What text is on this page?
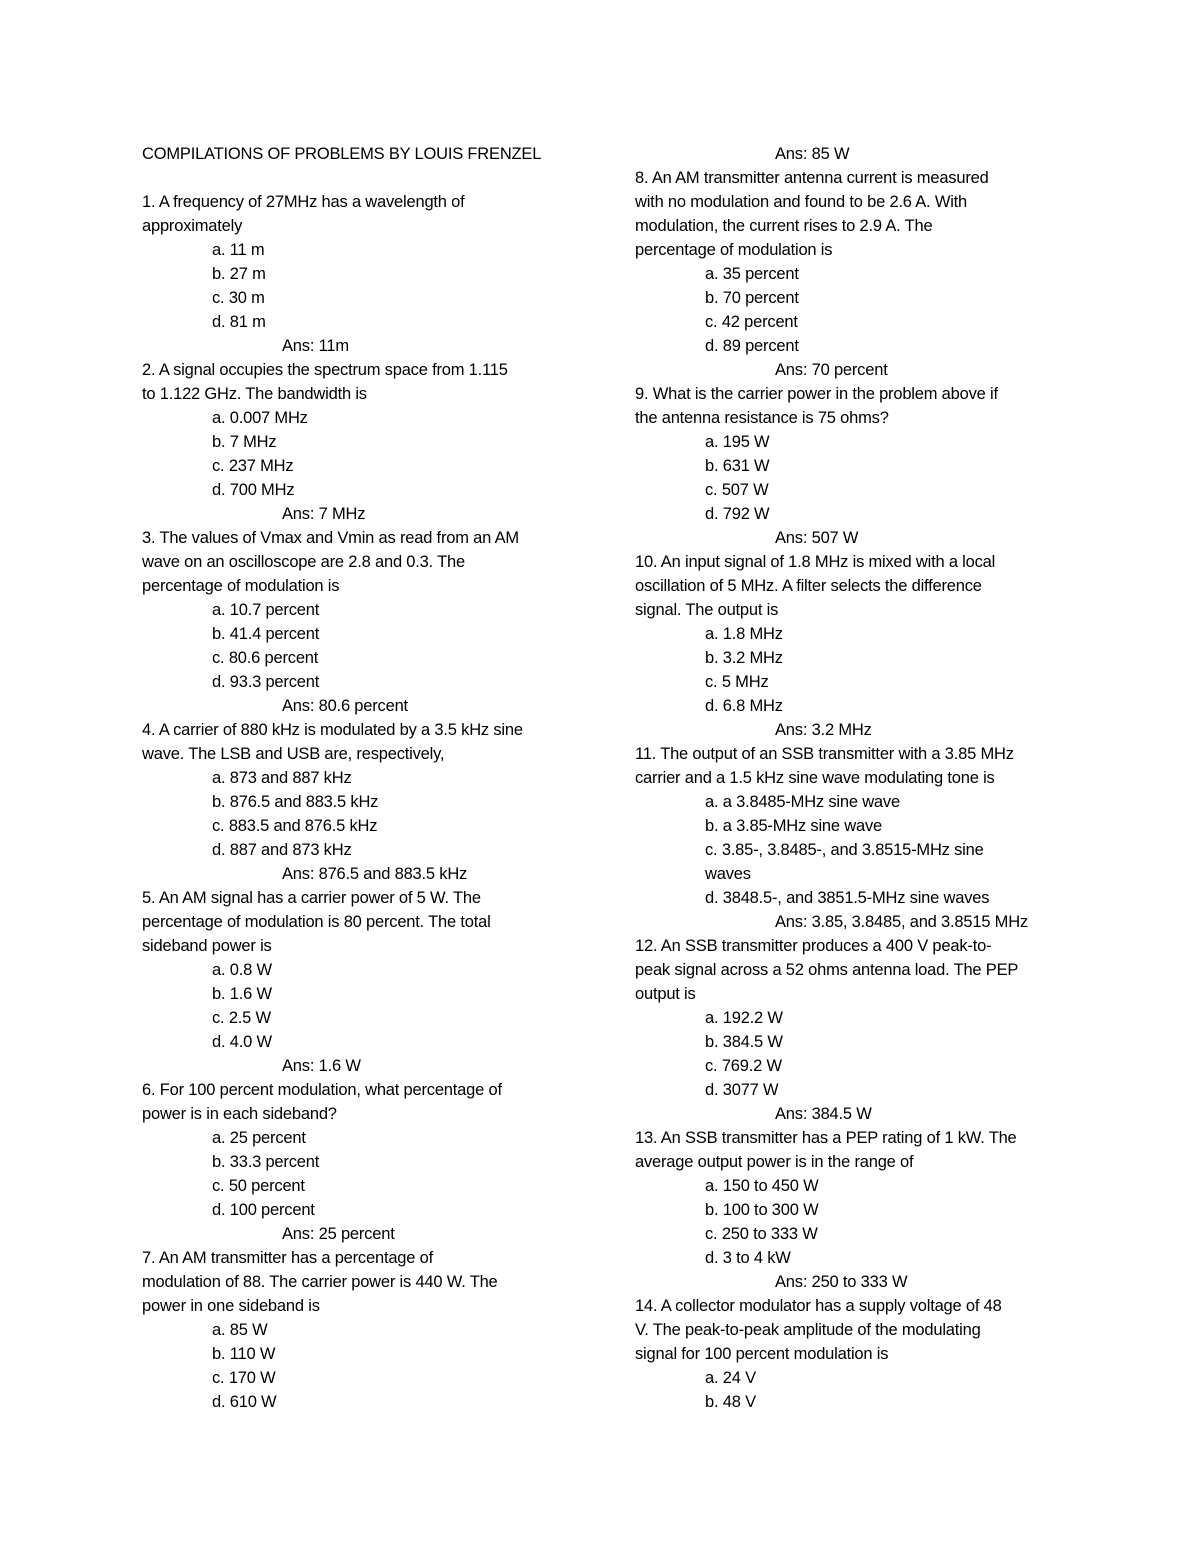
COMPILATIONS OF PROBLEMS BY LOUIS FRENZEL
1. A frequency of 27MHz has a wavelength of
approximately
a. 11 m
b. 27 m
c. 30 m
d. 81 m
Ans: 11m
2. A signal occupies the spectrum space from 1.115
to 1.122 GHz. The bandwidth is
a. 0.007 MHz
b. 7 MHz
c. 237 MHz
d. 700 MHz
Ans: 7 MHz
3. The values of Vmax and Vmin as read from an AM
wave on an oscilloscope are 2.8 and 0.3. The
percentage of modulation is
a. 10.7 percent
b. 41.4 percent
c. 80.6 percent
d. 93.3 percent
Ans: 80.6 percent
4. A carrier of 880 kHz is modulated by a 3.5 kHz sine
wave. The LSB and USB are, respectively,
a. 873 and 887 kHz
b. 876.5 and 883.5 kHz
c. 883.5 and 876.5 kHz
d. 887 and 873 kHz
Ans: 876.5 and 883.5 kHz
5. An AM signal has a carrier power of 5 W. The
percentage of modulation is 80 percent. The total
sideband power is
a. 0.8 W
b. 1.6 W
c. 2.5 W
d. 4.0 W
Ans: 1.6 W
6. For 100 percent modulation, what percentage of
power is in each sideband?
a. 25 percent
b. 33.3 percent
c. 50 percent
d. 100 percent
Ans: 25 percent
7. An AM transmitter has a percentage of
modulation of 88. The carrier power is 440 W. The
power in one sideband is
a. 85 W
b. 110 W
c. 170 W
d. 610 W
Ans: 85 W
8. An AM transmitter antenna current is measured
with no modulation and found to be 2.6 A. With
modulation, the current rises to 2.9 A. The
percentage of modulation is
a. 35 percent
b. 70 percent
c. 42 percent
d. 89 percent
Ans: 70 percent
9. What is the carrier power in the problem above if
the antenna resistance is 75 ohms?
a. 195 W
b. 631 W
c. 507 W
d. 792 W
Ans: 507 W
10. An input signal of 1.8 MHz is mixed with a local
oscillation of 5 MHz. A filter selects the difference
signal. The output is
a. 1.8 MHz
b. 3.2 MHz
c. 5 MHz
d. 6.8 MHz
Ans: 3.2 MHz
11. The output of an SSB transmitter with a 3.85 MHz
carrier and a 1.5 kHz sine wave modulating tone is
a. a 3.8485-MHz sine wave
b. a 3.85-MHz sine wave
c. 3.85-, 3.8485-, and 3.8515-MHz sine
waves
d. 3848.5-, and 3851.5-MHz sine waves
Ans: 3.85, 3.8485, and 3.8515 MHz
12. An SSB transmitter produces a 400 V peak-to-
peak signal across a 52 ohms antenna load. The PEP
output is
a. 192.2 W
b. 384.5 W
c. 769.2 W
d. 3077 W
Ans: 384.5 W
13. An SSB transmitter has a PEP rating of 1 kW. The
average output power is in the range of
a. 150 to 450 W
b. 100 to 300 W
c. 250 to 333 W
d. 3 to 4 kW
Ans: 250 to 333 W
14. A collector modulator has a supply voltage of 48
V. The peak-to-peak amplitude of the modulating
signal for 100 percent modulation is
a. 24 V
b. 48 V
